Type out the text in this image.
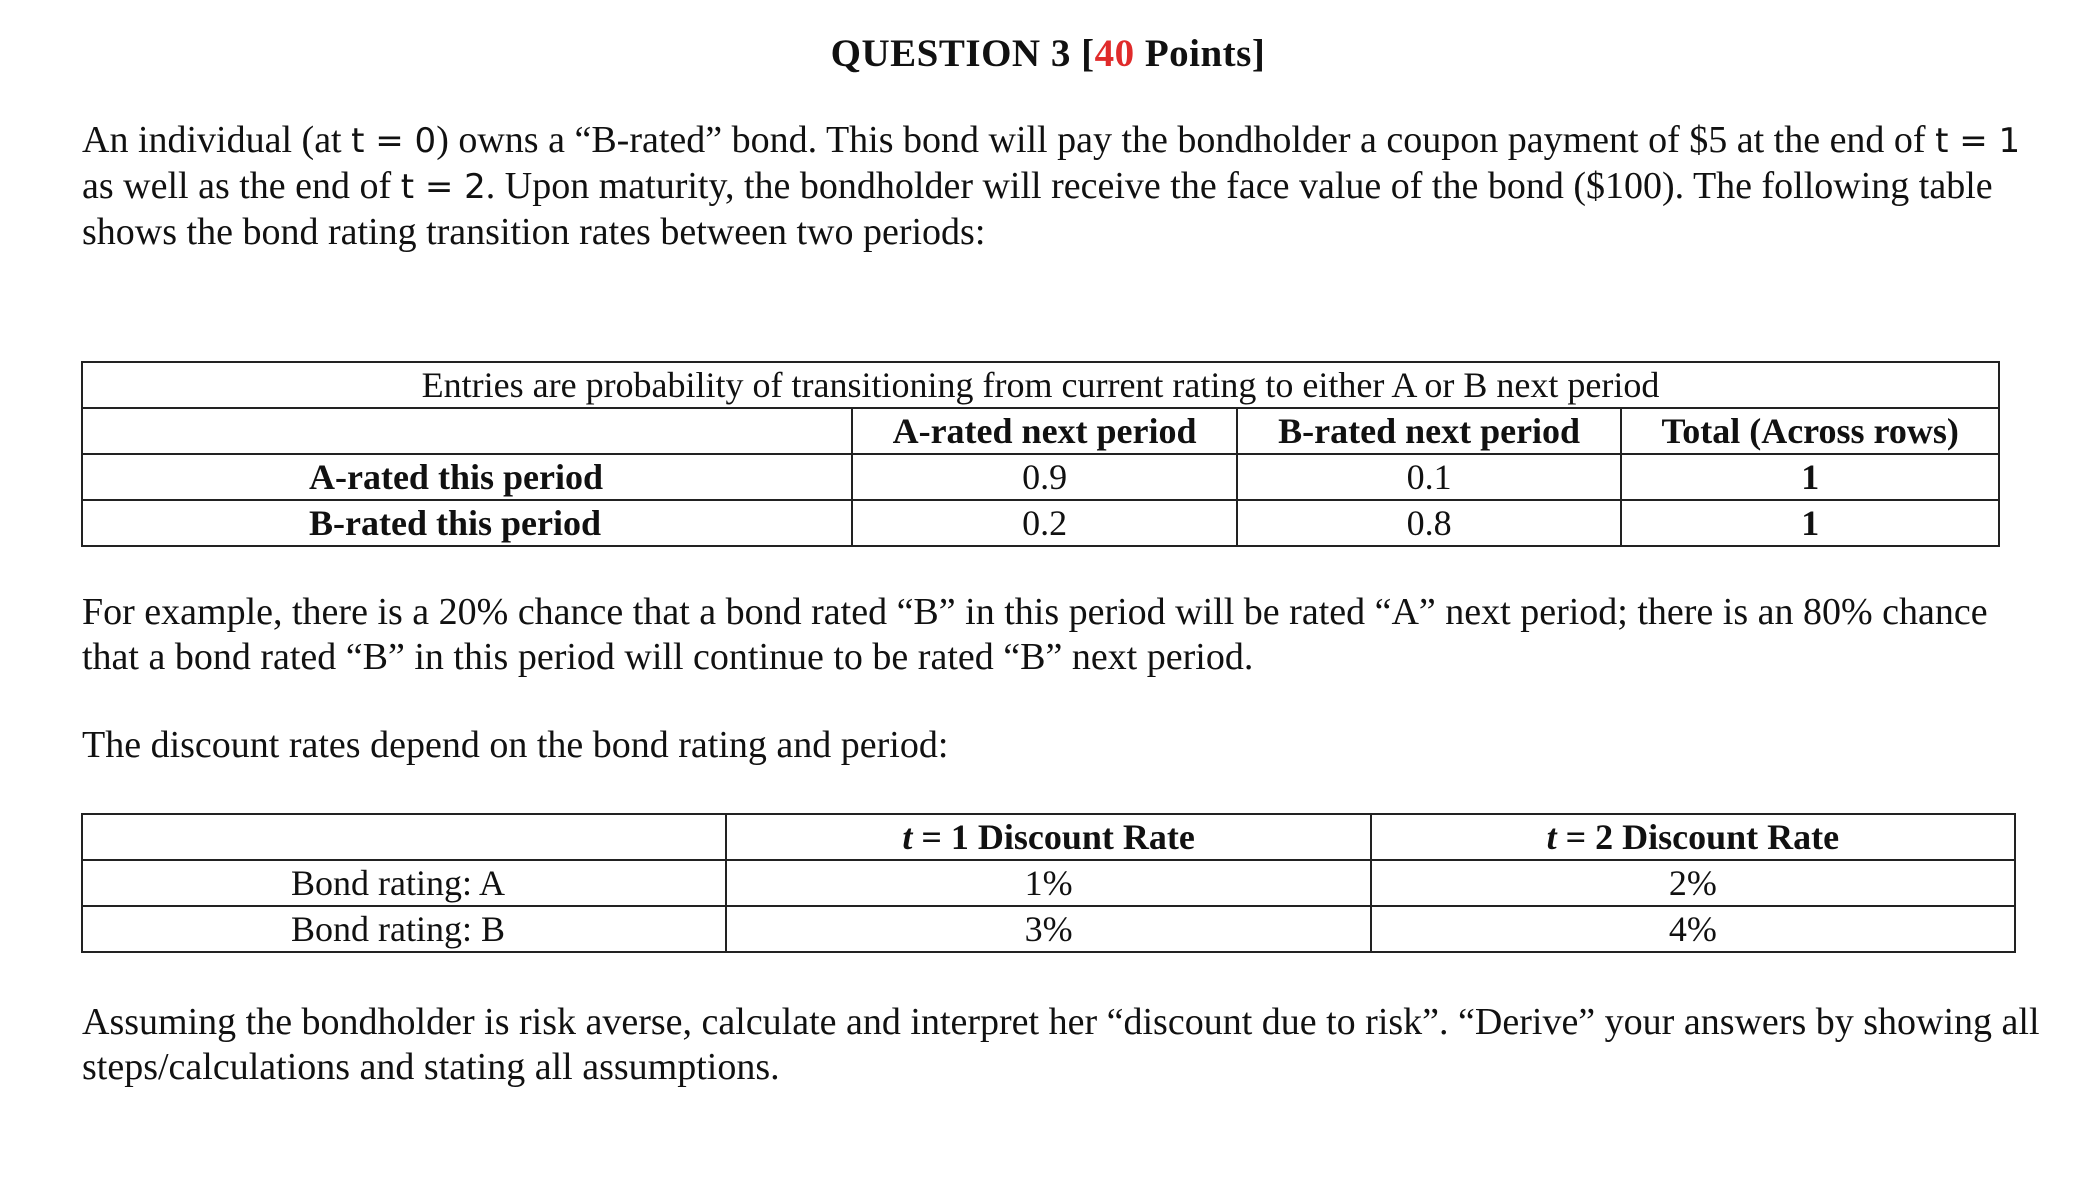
QUESTION 3 [40 Points]
An individual (at t = 0) owns a “B-rated” bond. This bond will pay the bondholder a coupon payment of $5 at the end of t = 1 as well as the end of t = 2. Upon maturity, the bondholder will receive the face value of the bond ($100). The following table shows the bond rating transition rates between two periods:
Entries are probability of transitioning from current rating to either A or B next period			
	A-rated next period	B-rated next period	Total (Across rows)
A-rated this period	0.9	0.1	1
B-rated this period	0.2	0.8	1
For example, there is a 20% chance that a bond rated “B” in this period will be rated “A” next period; there is an 80% chance that a bond rated “B” in this period will continue to be rated “B” next period.
The discount rates depend on the bond rating and period:
	t = 1 Discount Rate	t = 2 Discount Rate
Bond rating: A	1%	2%
Bond rating: B	3%	4%
Assuming the bondholder is risk averse, calculate and interpret her “discount due to risk”. “Derive” your answers by showing all steps/calculations and stating all assumptions.
